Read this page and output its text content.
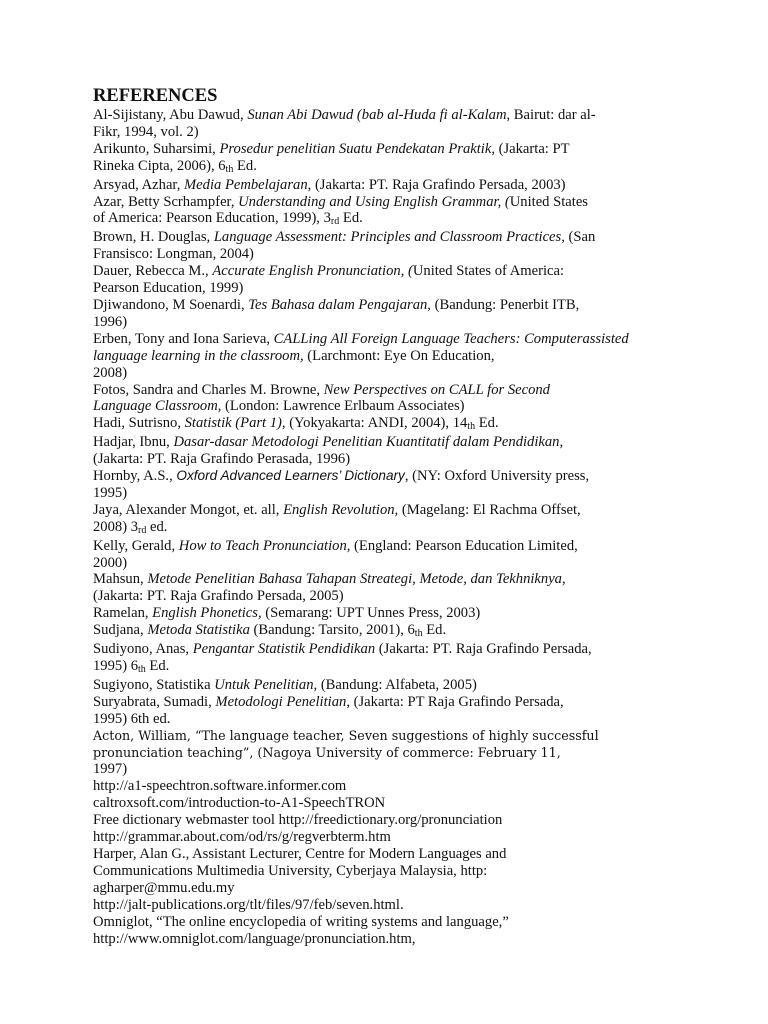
REFERENCES
Al-Sijistany, Abu Dawud, Sunan Abi Dawud (bab al-Huda fi al-Kalam, Bairut: dar al-
Fikr, 1994, vol. 2)
Arikunto, Suharsimi, Prosedur penelitian Suatu Pendekatan Praktik, (Jakarta: PT
Rineka Cipta, 2006), 6th Ed.
Arsyad, Azhar, Media Pembelajaran, (Jakarta: PT. Raja Grafindo Persada, 2003)
Azar, Betty Scrhampfer, Understanding and Using English Grammar, (United States
of America: Pearson Education, 1999), 3rd Ed.
Brown, H. Douglas, Language Assessment: Principles and Classroom Practices, (San
Fransisco: Longman, 2004)
Dauer, Rebecca M., Accurate English Pronunciation, (United States of America:
Pearson Education, 1999)
Djiwandono, M Soenardi, Tes Bahasa dalam Pengajaran, (Bandung: Penerbit ITB,
1996)
Erben, Tony and Iona Sarieva, CALLing All Foreign Language Teachers: Computerassisted
language learning in the classroom, (Larchmont: Eye On Education,
2008)
Fotos, Sandra and Charles M. Browne, New Perspectives on CALL for Second
Language Classroom, (London: Lawrence Erlbaum Associates)
Hadi, Sutrisno, Statistik (Part 1), (Yokyakarta: ANDI, 2004), 14th Ed.
Hadjar, Ibnu, Dasar-dasar Metodologi Penelitian Kuantitatif dalam Pendidikan,
(Jakarta: PT. Raja Grafindo Perasada, 1996)
Hornby, A.S., Oxford Advanced Learners’ Dictionary, (NY: Oxford University press,
1995)
Jaya, Alexander Mongot, et. all, English Revolution, (Magelang: El Rachma Offset,
2008) 3rd ed.
Kelly, Gerald, How to Teach Pronunciation, (England: Pearson Education Limited,
2000)
Mahsun, Metode Penelitian Bahasa Tahapan Streategi, Metode, dan Tekhniknya,
(Jakarta: PT. Raja Grafindo Persada, 2005)
Ramelan, English Phonetics, (Semarang: UPT Unnes Press, 2003)
Sudjana, Metoda Statistika (Bandung: Tarsito, 2001), 6th Ed.
Sudiyono, Anas, Pengantar Statistik Pendidikan (Jakarta: PT. Raja Grafindo Persada,
1995) 6th Ed.
Sugiyono, Statistika Untuk Penelitian, (Bandung: Alfabeta, 2005)
Suryabrata, Sumadi, Metodologi Penelitian, (Jakarta: PT Raja Grafindo Persada,
1995) 6th ed.
Acton, William, “The language teacher, Seven suggestions of highly successful
pronunciation teaching”, (Nagoya University of commerce: February 11,
1997)
http://a1-speechtron.software.informer.com
caltroxsoft.com/introduction-to-A1-SpeechTRON
Free dictionary webmaster tool http://freedictionary.org/pronunciation
http://grammar.about.com/od/rs/g/regverbterm.htm
Harper, Alan G., Assistant Lecturer, Centre for Modern Languages and
Communications Multimedia University, Cyberjaya Malaysia, http:
agharper@mmu.edu.my
http://jalt-publications.org/tlt/files/97/feb/seven.html.
Omniglot, “The online encyclopedia of writing systems and language,”
http://www.omniglot.com/language/pronunciation.htm,
